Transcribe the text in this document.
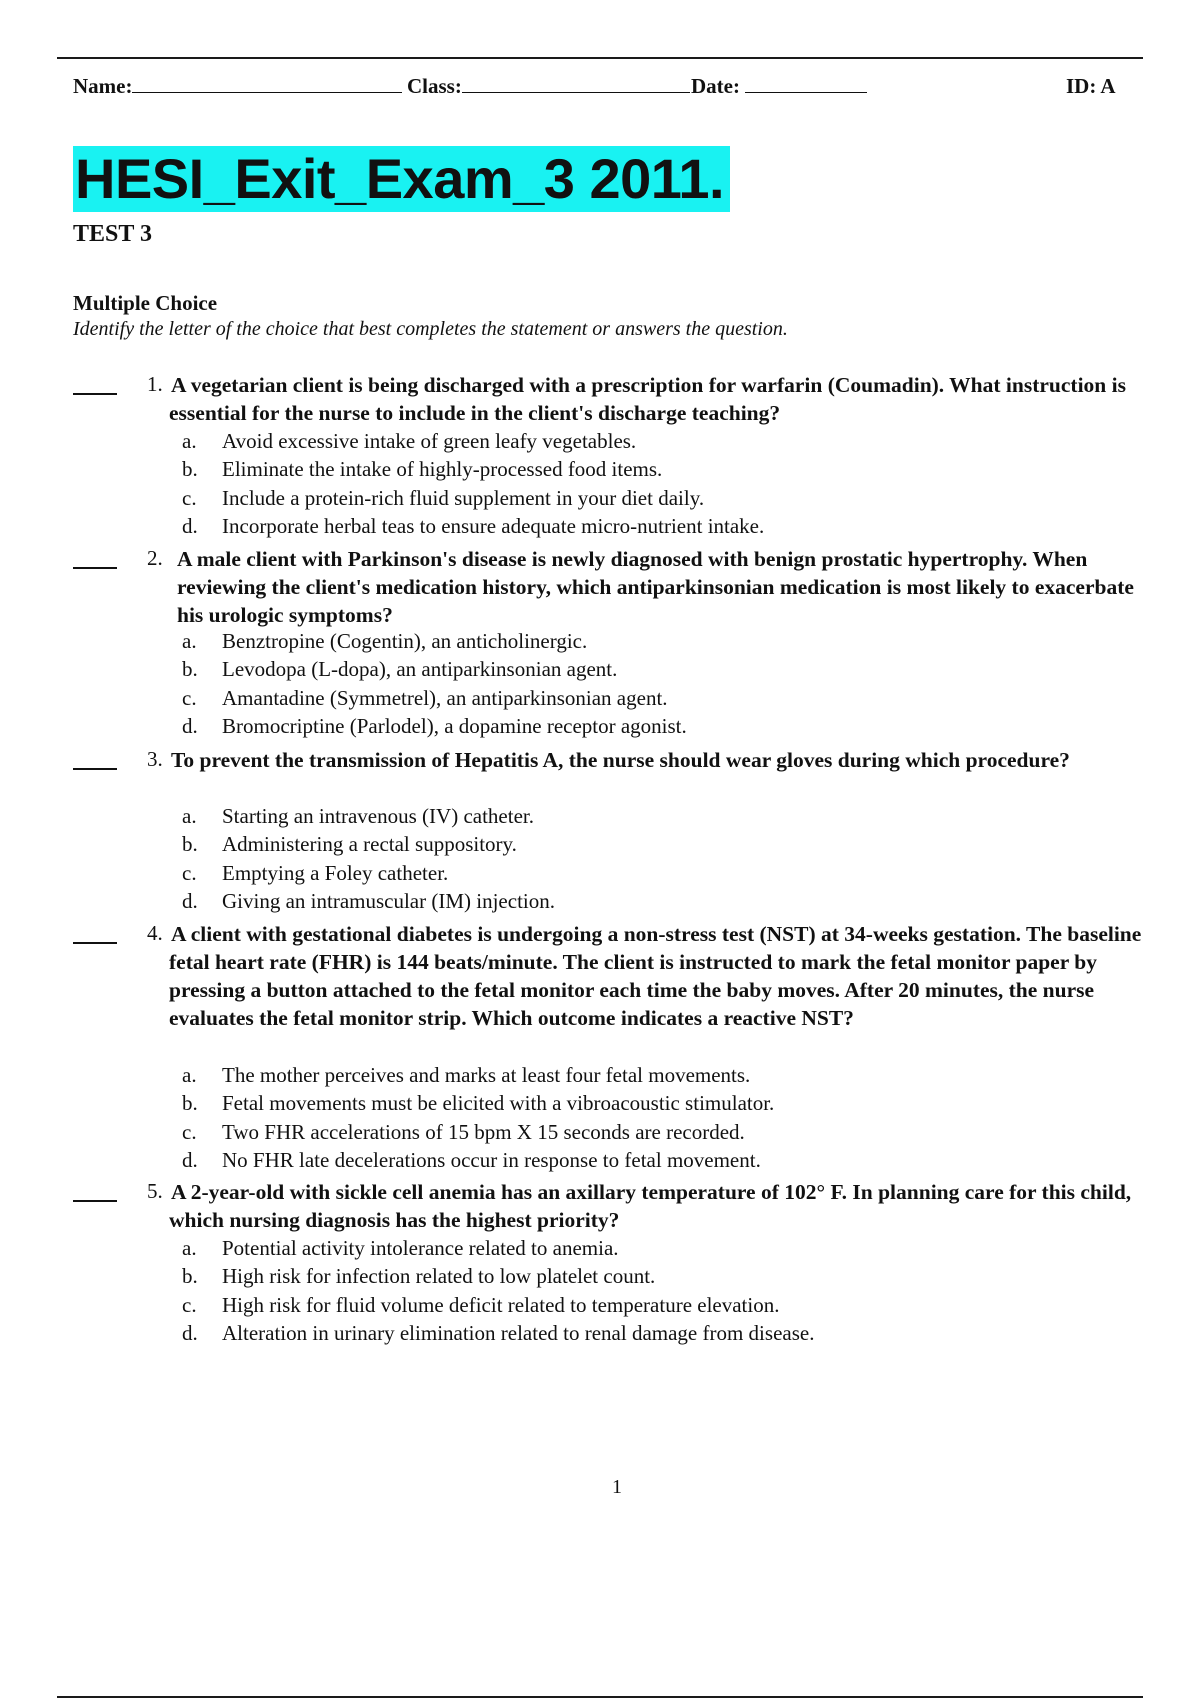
Name:	Class:	Date:	ID: A
HESI_Exit_Exam_3 2011.
TEST 3
Multiple Choice
Identify the letter of the choice that best completes the statement or answers the question.
1. A vegetarian client is being discharged with a prescription for warfarin (Coumadin). What instruction is essential for the nurse to include in the client's discharge teaching?
a. Avoid excessive intake of green leafy vegetables.
b. Eliminate the intake of highly-processed food items.
c. Include a protein-rich fluid supplement in your diet daily.
d. Incorporate herbal teas to ensure adequate micro-nutrient intake.
2. A male client with Parkinson's disease is newly diagnosed with benign prostatic hypertrophy. When reviewing the client's medication history, which antiparkinsonian medication is most likely to exacerbate his urologic symptoms?
a. Benztropine (Cogentin), an anticholinergic.
b. Levodopa (L-dopa), an antiparkinsonian agent.
c. Amantadine (Symmetrel), an antiparkinsonian agent.
d. Bromocriptine (Parlodel), a dopamine receptor agonist.
3. To prevent the transmission of Hepatitis A, the nurse should wear gloves during which procedure?
a. Starting an intravenous (IV) catheter.
b. Administering a rectal suppository.
c. Emptying a Foley catheter.
d. Giving an intramuscular (IM) injection.
4. A client with gestational diabetes is undergoing a non-stress test (NST) at 34-weeks gestation. The baseline fetal heart rate (FHR) is 144 beats/minute. The client is instructed to mark the fetal monitor paper by pressing a button attached to the fetal monitor each time the baby moves. After 20 minutes, the nurse evaluates the fetal monitor strip. Which outcome indicates a reactive NST?
a. The mother perceives and marks at least four fetal movements.
b. Fetal movements must be elicited with a vibroacoustic stimulator.
c. Two FHR accelerations of 15 bpm X 15 seconds are recorded.
d. No FHR late decelerations occur in response to fetal movement.
5. A 2-year-old with sickle cell anemia has an axillary temperature of 102° F. In planning care for this child, which nursing diagnosis has the highest priority?
a. Potential activity intolerance related to anemia.
b. High risk for infection related to low platelet count.
c. High risk for fluid volume deficit related to temperature elevation.
d. Alteration in urinary elimination related to renal damage from disease.
1
